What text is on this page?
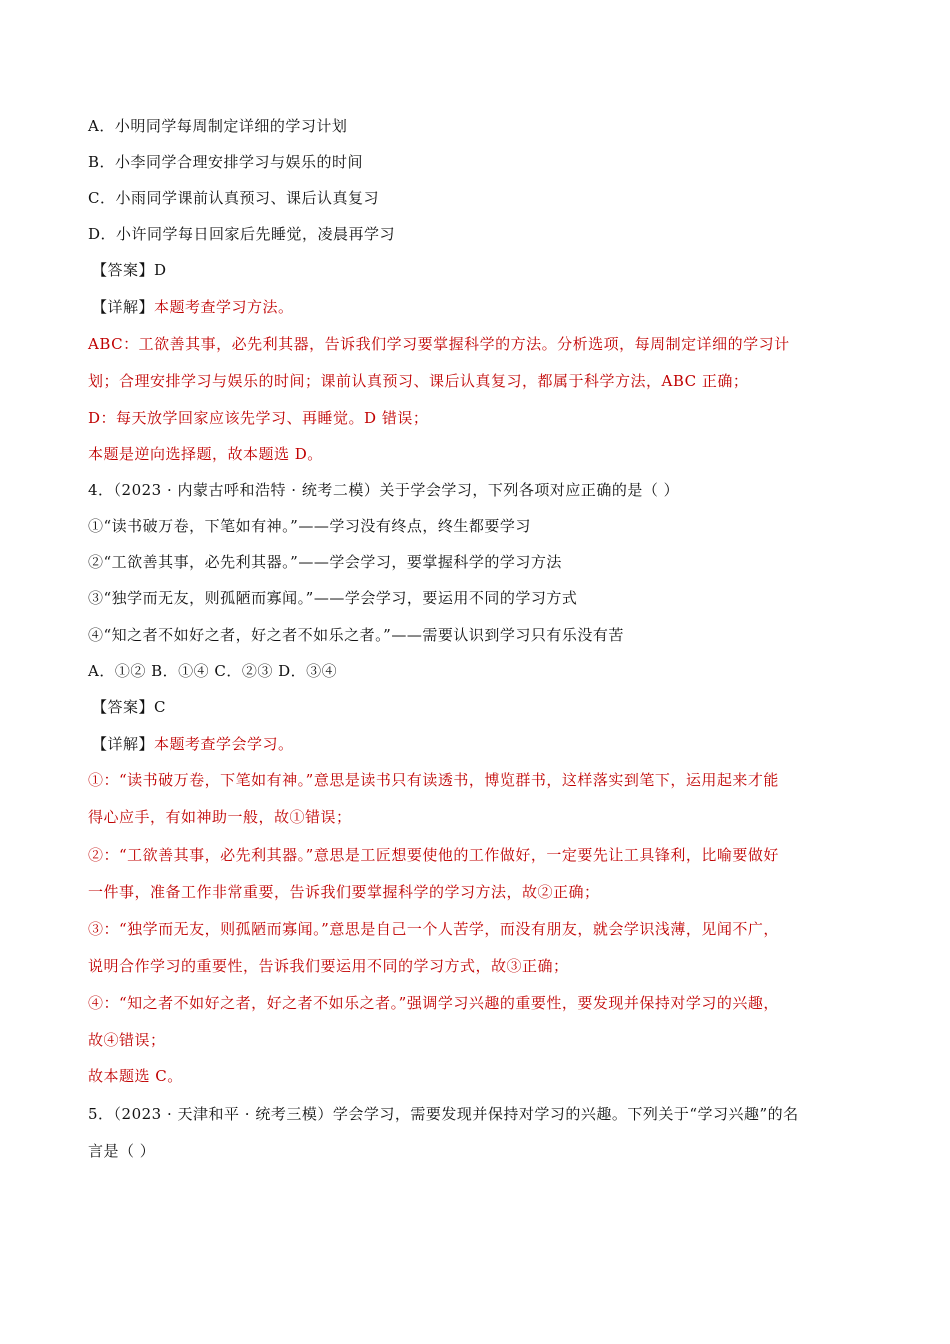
A．小明同学每周制定详细的学习计划
B．小李同学合理安排学习与娱乐的时间
C．小雨同学课前认真预习、课后认真复习
D．小许同学每日回家后先睡觉，凌晨再学习
【答案】D
【详解】本题考查学习方法。
ABC：工欲善其事，必先利其器，告诉我们学习要掌握科学的方法。分析选项，每周制定详细的学习计
划；合理安排学习与娱乐的时间；课前认真预习、课后认真复习，都属于科学方法，ABC 正确；
D：每天放学回家应该先学习、再睡觉。D 错误；
本题是逆向选择题，故本题选 D。
4．（2023 · 内蒙古呼和浩特 · 统考二模）关于学会学习，下列各项对应正确的是（ ）
①“读书破万卷，下笔如有神。”——学习没有终点，终生都要学习
②“工欲善其事，必先利其器。”——学会学习，要掌握科学的学习方法
③“独学而无友，则孤陋而寡闻。”——学会学习，要运用不同的学习方式
④“知之者不如好之者，好之者不如乐之者。”——需要认识到学习只有乐没有苦
A．①② B．①④ C．②③ D．③④
【答案】C
【详解】本题考查学会学习。
①：“读书破万卷，下笔如有神。”意思是读书只有读透书，博览群书，这样落实到笔下，运用起来才能
得心应手，有如神助一般，故①错误；
②：“工欲善其事，必先利其器。”意思是工匠想要使他的工作做好，一定要先让工具锋利，比喻要做好
一件事，准备工作非常重要，告诉我们要掌握科学的学习方法，故②正确；
③：“独学而无友，则孤陋而寡闻。”意思是自己一个人苦学，而没有朋友，就会学识浅薄，见闻不广，
说明合作学习的重要性，告诉我们要运用不同的学习方式，故③正确；
④：“知之者不如好之者，好之者不如乐之者。”强调学习兴趣的重要性，要发现并保持对学习的兴趣，
故④错误；
故本题选 C。
5．（2023 · 天津和平 · 统考三模）学会学习，需要发现并保持对学习的兴趣。下列关于“学习兴趣”的名
言是（ ）
